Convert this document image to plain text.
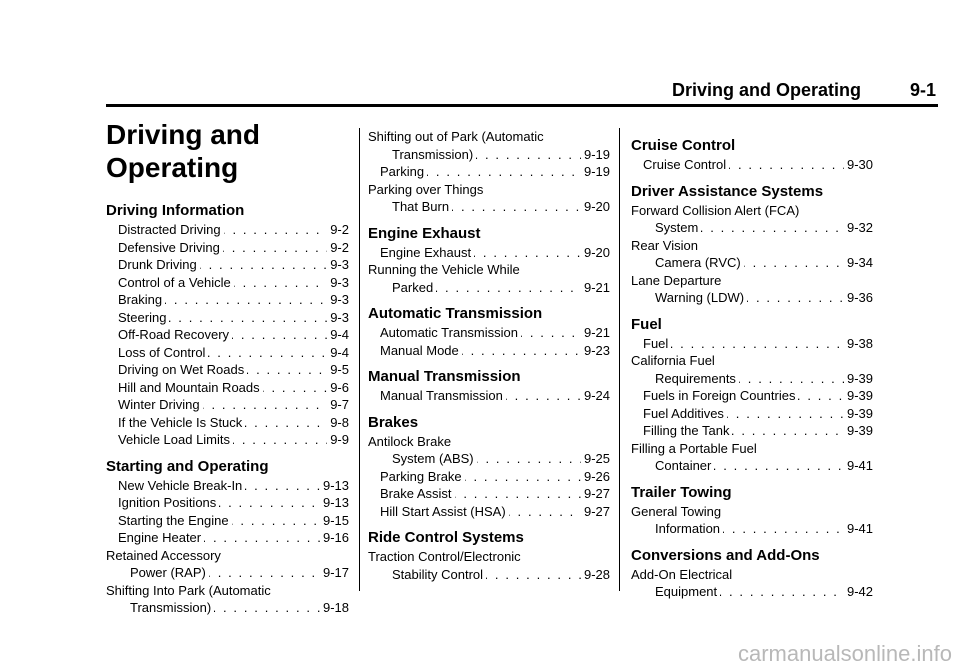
Driving and Operating	9-1
Driving and
Operating
Driving Information
Distracted Driving . . .	9-2
Defensive Driving . . .	9-2
Drunk Driving . . .	9-3
Control of a Vehicle . . .	9-3
Braking . . .	9-3
Steering . . .	9-3
Off-Road Recovery . . .	9-4
Loss of Control . . .	9-4
Driving on Wet Roads . . .	9-5
Hill and Mountain Roads . . .	9-6
Winter Driving . . .	9-7
If the Vehicle Is Stuck . . .	9-8
Vehicle Load Limits . . .	9-9
Starting and Operating
New Vehicle Break-In . . .	9-13
Ignition Positions . . .	9-13
Starting the Engine . . .	9-15
Engine Heater . . .	9-16
Retained Accessory
Power (RAP) . . .	9-17
Shifting Into Park (Automatic
Transmission) . . .	9-18
Shifting out of Park (Automatic
Transmission) . . .	9-19
Parking . . .	9-19
Parking over Things
That Burn . . .	9-20
Engine Exhaust
Engine Exhaust . . .	9-20
Running the Vehicle While
Parked . . .	9-21
Automatic Transmission
Automatic Transmission . . .	9-21
Manual Mode . . .	9-23
Manual Transmission
Manual Transmission . . .	9-24
Brakes
Antilock Brake
System (ABS) . . .	9-25
Parking Brake . . .	9-26
Brake Assist . . .	9-27
Hill Start Assist (HSA) . . .	9-27
Ride Control Systems
Traction Control/Electronic
Stability Control . . .	9-28
Cruise Control
Cruise Control . . .	9-30
Driver Assistance Systems
Forward Collision Alert (FCA)
System . . .	9-32
Rear Vision
Camera (RVC) . . .	9-34
Lane Departure
Warning (LDW) . . .	9-36
Fuel
Fuel . . .	9-38
California Fuel
Requirements . . .	9-39
Fuels in Foreign Countries . . .	9-39
Fuel Additives . . .	9-39
Filling the Tank . . .	9-39
Filling a Portable Fuel
Container . . .	9-41
Trailer Towing
General Towing
Information . . .	9-41
Conversions and Add-Ons
Add-On Electrical
Equipment . . .	9-42
carmanualsonline.info
